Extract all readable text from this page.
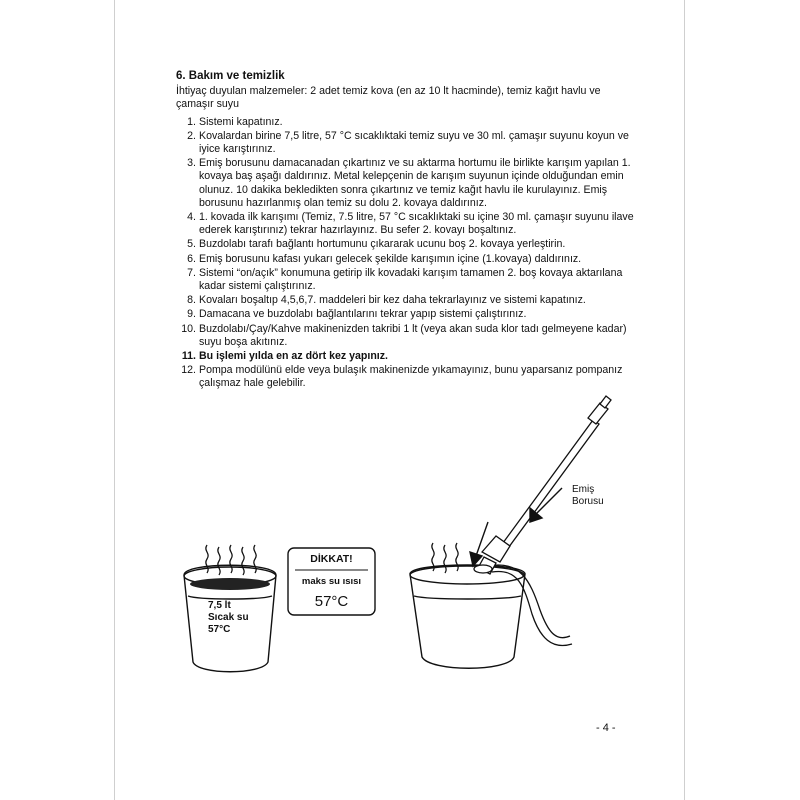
6. Bakım ve temizlik
İhtiyaç duyulan malzemeler: 2 adet temiz kova (en az 10 lt hacminde), temiz kağıt havlu ve çamaşır suyu
1. Sistemi kapatınız.
2. Kovalardan birine 7,5 litre, 57 °C sıcaklıktaki temiz suyu ve 30 ml. çamaşır suyunu koyun ve iyice karıştırınız.
3. Emiş borusunu damacanadan çıkartınız ve su aktarma hortumu ile birlikte karışım yapılan 1. kovaya baş aşağı daldırınız. Metal kelepçenin de karışım suyunun içinde olduğundan emin olunuz. 10 dakika bekledikten sonra çıkartınız ve temiz kağıt havlu ile kurulayınız. Emiş borusunu hazırlanmış olan temiz su dolu 2. kovaya daldırınız.
4. 1. kovada ilk karışımı (Temiz, 7.5 litre, 57 °C sıcaklıktaki su içine 30 ml. çamaşır suyunu ilave ederek karıştırınız) tekrar hazırlayınız. Bu sefer 2. kovayı boşaltınız.
5. Buzdolabı tarafı bağlantı hortumunu çıkararak ucunu boş 2. kovaya yerleştirin.
6. Emiş borusunu kafası yukarı gelecek şekilde karışımın içine (1.kovaya) daldırınız.
7. Sistemi “on/açık” konumuna getirip ilk kovadaki karışım tamamen 2. boş kovaya aktarılana kadar sistemi çalıştırınız.
8. Kovaları boşaltıp 4,5,6,7. maddeleri bir kez daha tekrarlayınız ve sistemi kapatınız.
9. Damacana ve buzdolabı bağlantılarını tekrar yapıp sistemi çalıştırınız.
10. Buzdolabı/Çay/Kahve makinenizden takribi 1 lt (veya akan suda klor tadı gelmeyene kadar) suyu boşa akıtınız.
11. Bu işlemi yılda en az dört kez yapınız.
12. Pompa modülünü elde veya bulaşık makinenizde yıkamayınız, bunu yaparsanız pompanız çalışmaz hale gelebilir.
7,5 lt
Sıcak su
57°C
DİKKAT!
maks su ısısı
57°C
Emiş
Borusu
- 4 -
